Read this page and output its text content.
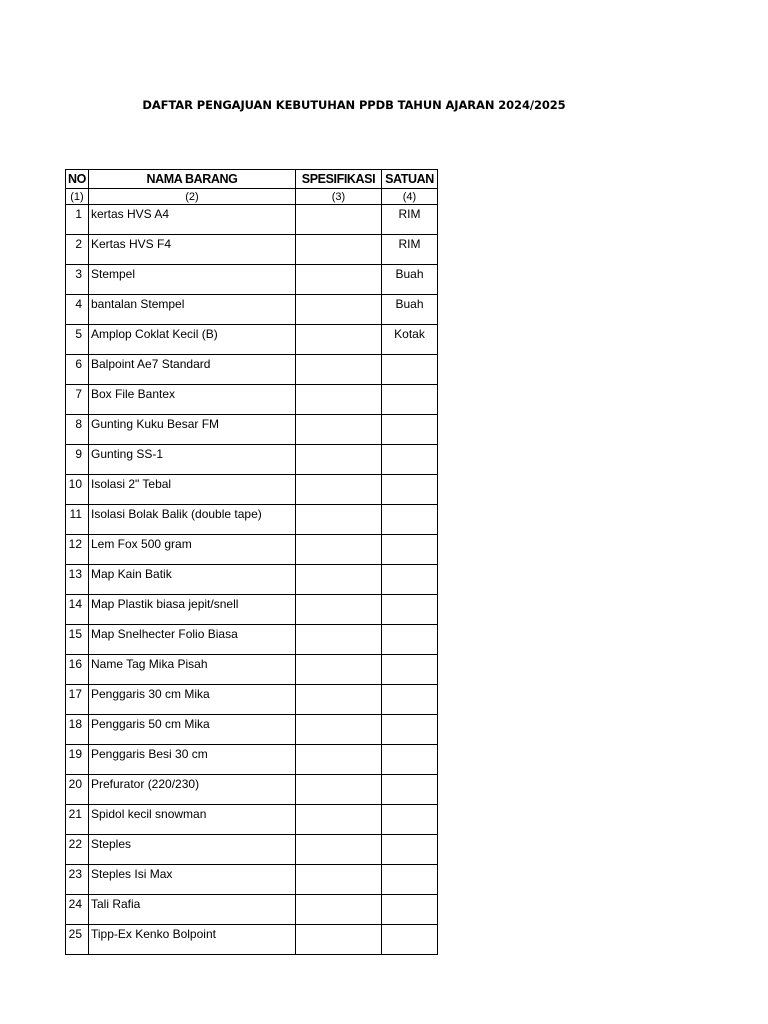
DAFTAR PENGAJUAN KEBUTUHAN PPDB TAHUN AJARAN 2024/2025
NO	NAMA BARANG	SPESIFIKASI	SATUAN
(1)	(2)	(3)	(4)

1	kertas HVS A4		RIM

2	Kertas HVS F4		RIM

3	Stempel		Buah

4	bantalan Stempel		Buah

5	Amplop Coklat Kecil (B)		Kotak

6	Balpoint Ae7 Standard		

7	Box File Bantex		

8	Gunting Kuku Besar FM		

9	Gunting SS-1		

10	Isolasi 2" Tebal		

11	Isolasi Bolak Balik (double tape)		

12	Lem Fox 500 gram		

13	Map Kain Batik		

14	Map Plastik biasa jepit/snell		

15	Map Snelhecter Folio Biasa		

16	Name Tag Mika Pisah		

17	Penggaris 30 cm Mika		

18	Penggaris 50 cm Mika		

19	Penggaris Besi 30 cm		

20	Prefurator (220/230)		

21	Spidol kecil snowman		

22	Steples		

23	Steples Isi Max		

24	Tali Rafia		

25	Tipp-Ex Kenko Bolpoint		
